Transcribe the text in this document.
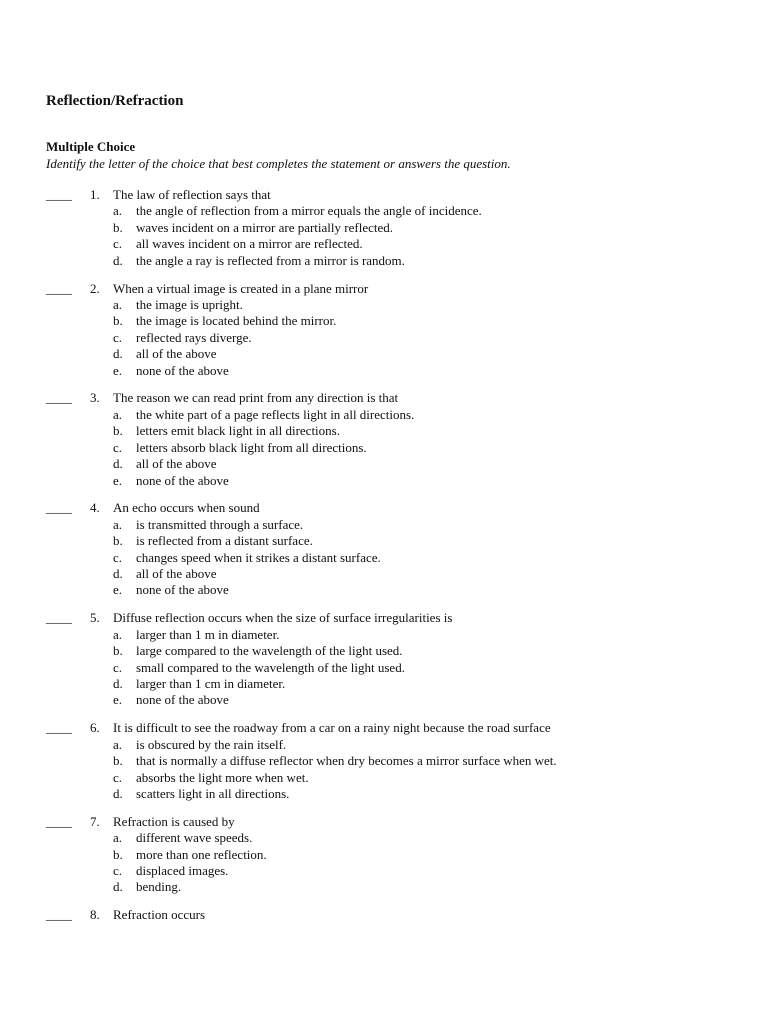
Reflection/Refraction
Multiple Choice

Identify the letter of the choice that best completes the statement or answers the question.

____ 1. The law of reflection says that
a. the angle of reflection from a mirror equals the angle of incidence.
b. waves incident on a mirror are partially reflected.
c. all waves incident on a mirror are reflected.
d. the angle a ray is reflected from a mirror is random.
____ 2. When a virtual image is created in a plane mirror
a. the image is upright.
b. the image is located behind the mirror.
c. reflected rays diverge.
d. all of the above
e. none of the above
____ 3. The reason we can read print from any direction is that
a. the white part of a page reflects light in all directions.
b. letters emit black light in all directions.
c. letters absorb black light from all directions.
d. all of the above
e. none of the above
____ 4. An echo occurs when sound
a. is transmitted through a surface.
b. is reflected from a distant surface.
c. changes speed when it strikes a distant surface.
d. all of the above
e. none of the above
____ 5. Diffuse reflection occurs when the size of surface irregularities is
a. larger than 1 m in diameter.
b. large compared to the wavelength of the light used.
c. small compared to the wavelength of the light used.
d. larger than 1 cm in diameter.
e. none of the above
____ 6. It is difficult to see the roadway from a car on a rainy night because the road surface
a. is obscured by the rain itself.
b. that is normally a diffuse reflector when dry becomes a mirror surface when wet.
c. absorbs the light more when wet.
d. scatters light in all directions.
____ 7. Refraction is caused by
a. different wave speeds.
b. more than one reflection.
c. displaced images.
d. bending.
____ 8. Refraction occurs
